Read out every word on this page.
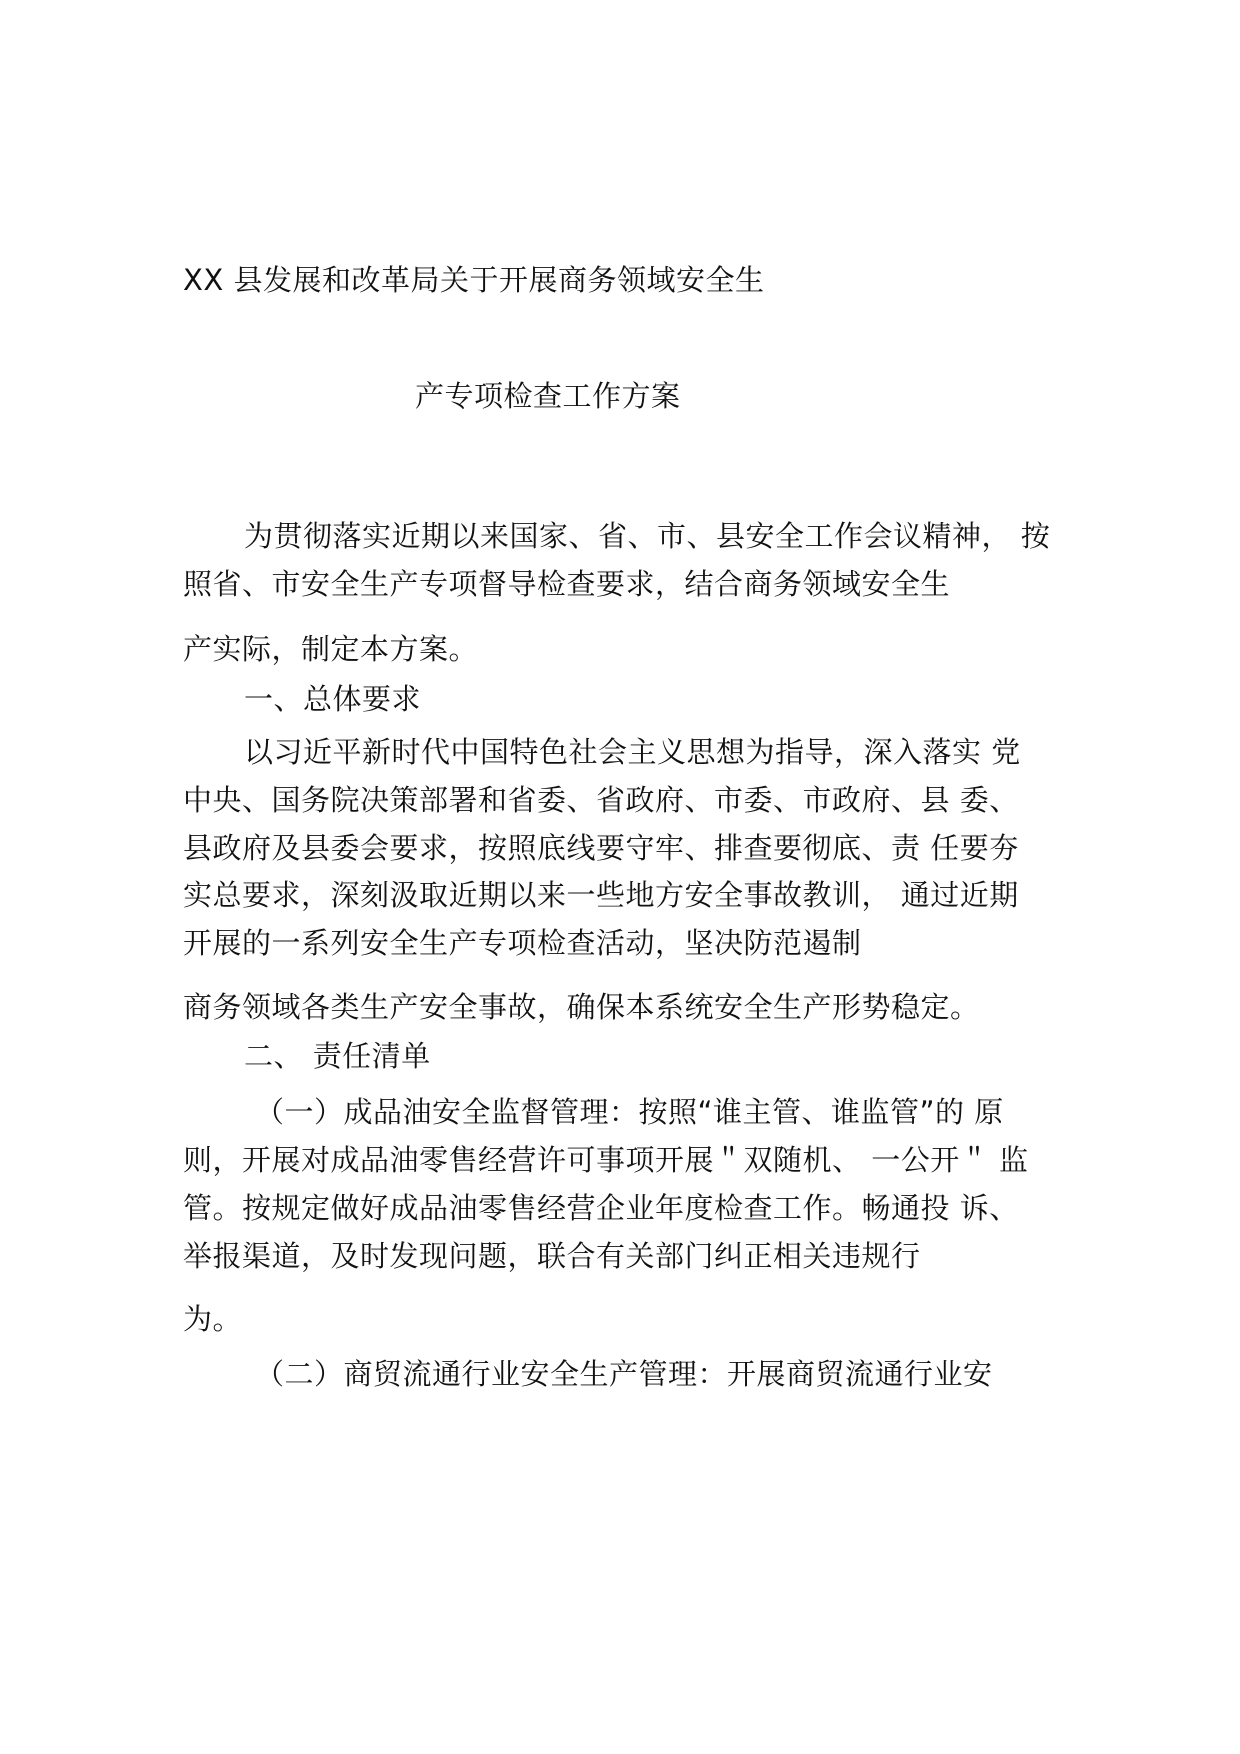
XX 县发展和改革局关于开展商务领域安全生
产专项检查工作方案
为贯彻落实近期以来国家、省、市、县安全工作会议精神， 按
照省、市安全生产专项督导检查要求，结合商务领域安全生
产实际，制定本方案。
一、总体要求
以习近平新时代中国特色社会主义思想为指导，深入落实 党
中央、国务院决策部署和省委、省政府、市委、市政府、县 委、
县政府及县委会要求，按照底线要守牢、排查要彻底、责 任要夯
实总要求，深刻汲取近期以来一些地方安全事故教训， 通过近期
开展的一系列安全生产专项检查活动，坚决防范遏制
商务领域各类生产安全事故，确保本系统安全生产形势稳定。
二、 责任清单
（一）成品油安全监督管理：按照“谁主管、谁监管”的 原
则，开展对成品油零售经营许可事项开展＂双随机、 一公开＂ 监
管。按规定做好成品油零售经营企业年度检查工作。畅通投 诉、
举报渠道，及时发现问题，联合有关部门纠正相关违规行
为。
（二）商贸流通行业安全生产管理：开展商贸流通行业安
